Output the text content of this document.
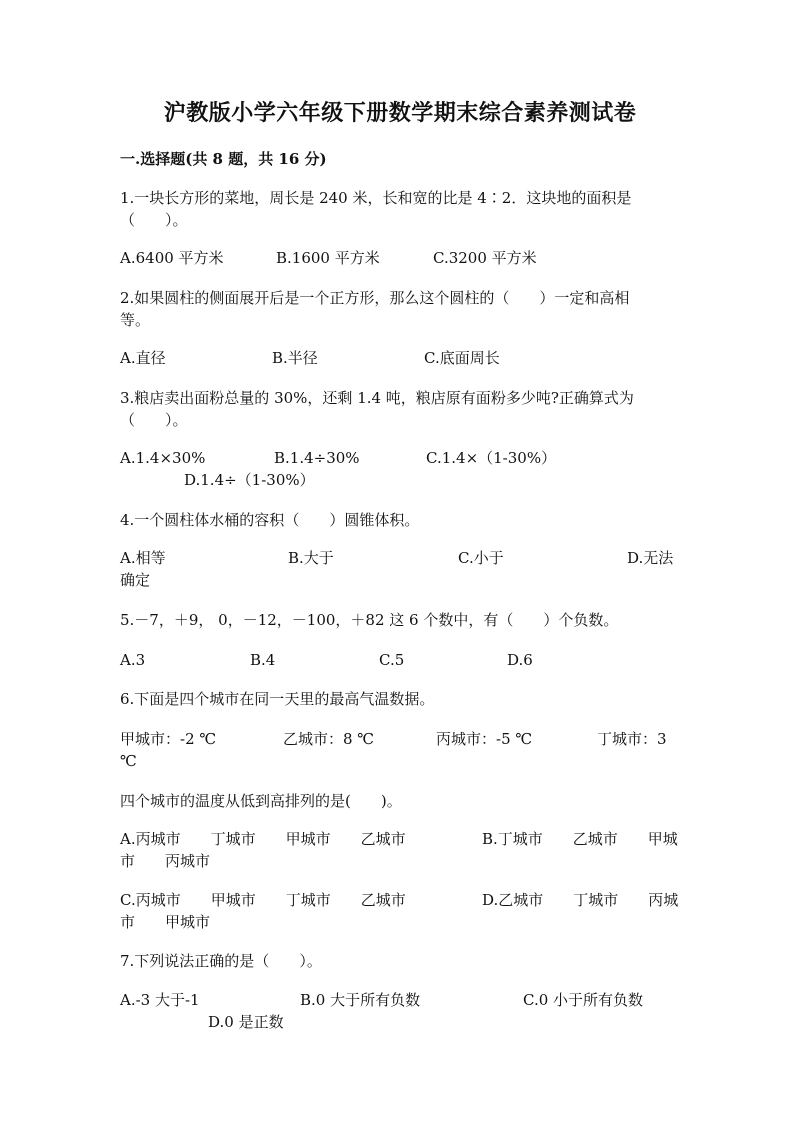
沪教版小学六年级下册数学期末综合素养测试卷
一.选择题(共 8 题，共 16 分)
1.一块长方形的菜地，周长是 240 米，长和宽的比是 4∶2．这块地的面积是
（　　）。
A.6400 平方米	B.1600 平方米	C.3200 平方米
2.如果圆柱的侧面展开后是一个正方形，那么这个圆柱的（　　）一定和高相
等。
A.直径	B.半径	C.底面周长
3.粮店卖出面粉总量的 30%，还剩 1.4 吨，粮店原有面粉多少吨?正确算式为
（　　）。
A.1.4×30%	B.1.4÷30%	C.1.4×（1-30%）
D.1.4÷（1-30%）
4.一个圆柱体水桶的容积（　　）圆锥体积。
A.相等	B.大于	C.小于	D.无法
确定
5.－7，＋9， 0，－12，－100，＋82 这 6 个数中，有（　　）个负数。
A.3	B.4	C.5	D.6
6.下面是四个城市在同一天里的最高气温数据。
甲城市：-2 ℃	乙城市：8 ℃	丙城市：-5 ℃	丁城市：3
℃
四个城市的温度从低到高排列的是(　　)。
A.丙城市　　丁城市　　甲城市　　乙城市	B.丁城市　　乙城市　　甲城
市　　丙城市
C.丙城市　　甲城市　　丁城市　　乙城市	D.乙城市　　丁城市　　丙城
市　　甲城市
7.下列说法正确的是（　　）。
A.-3 大于-1	B.0 大于所有负数	C.0 小于所有负数
D.0 是正数
